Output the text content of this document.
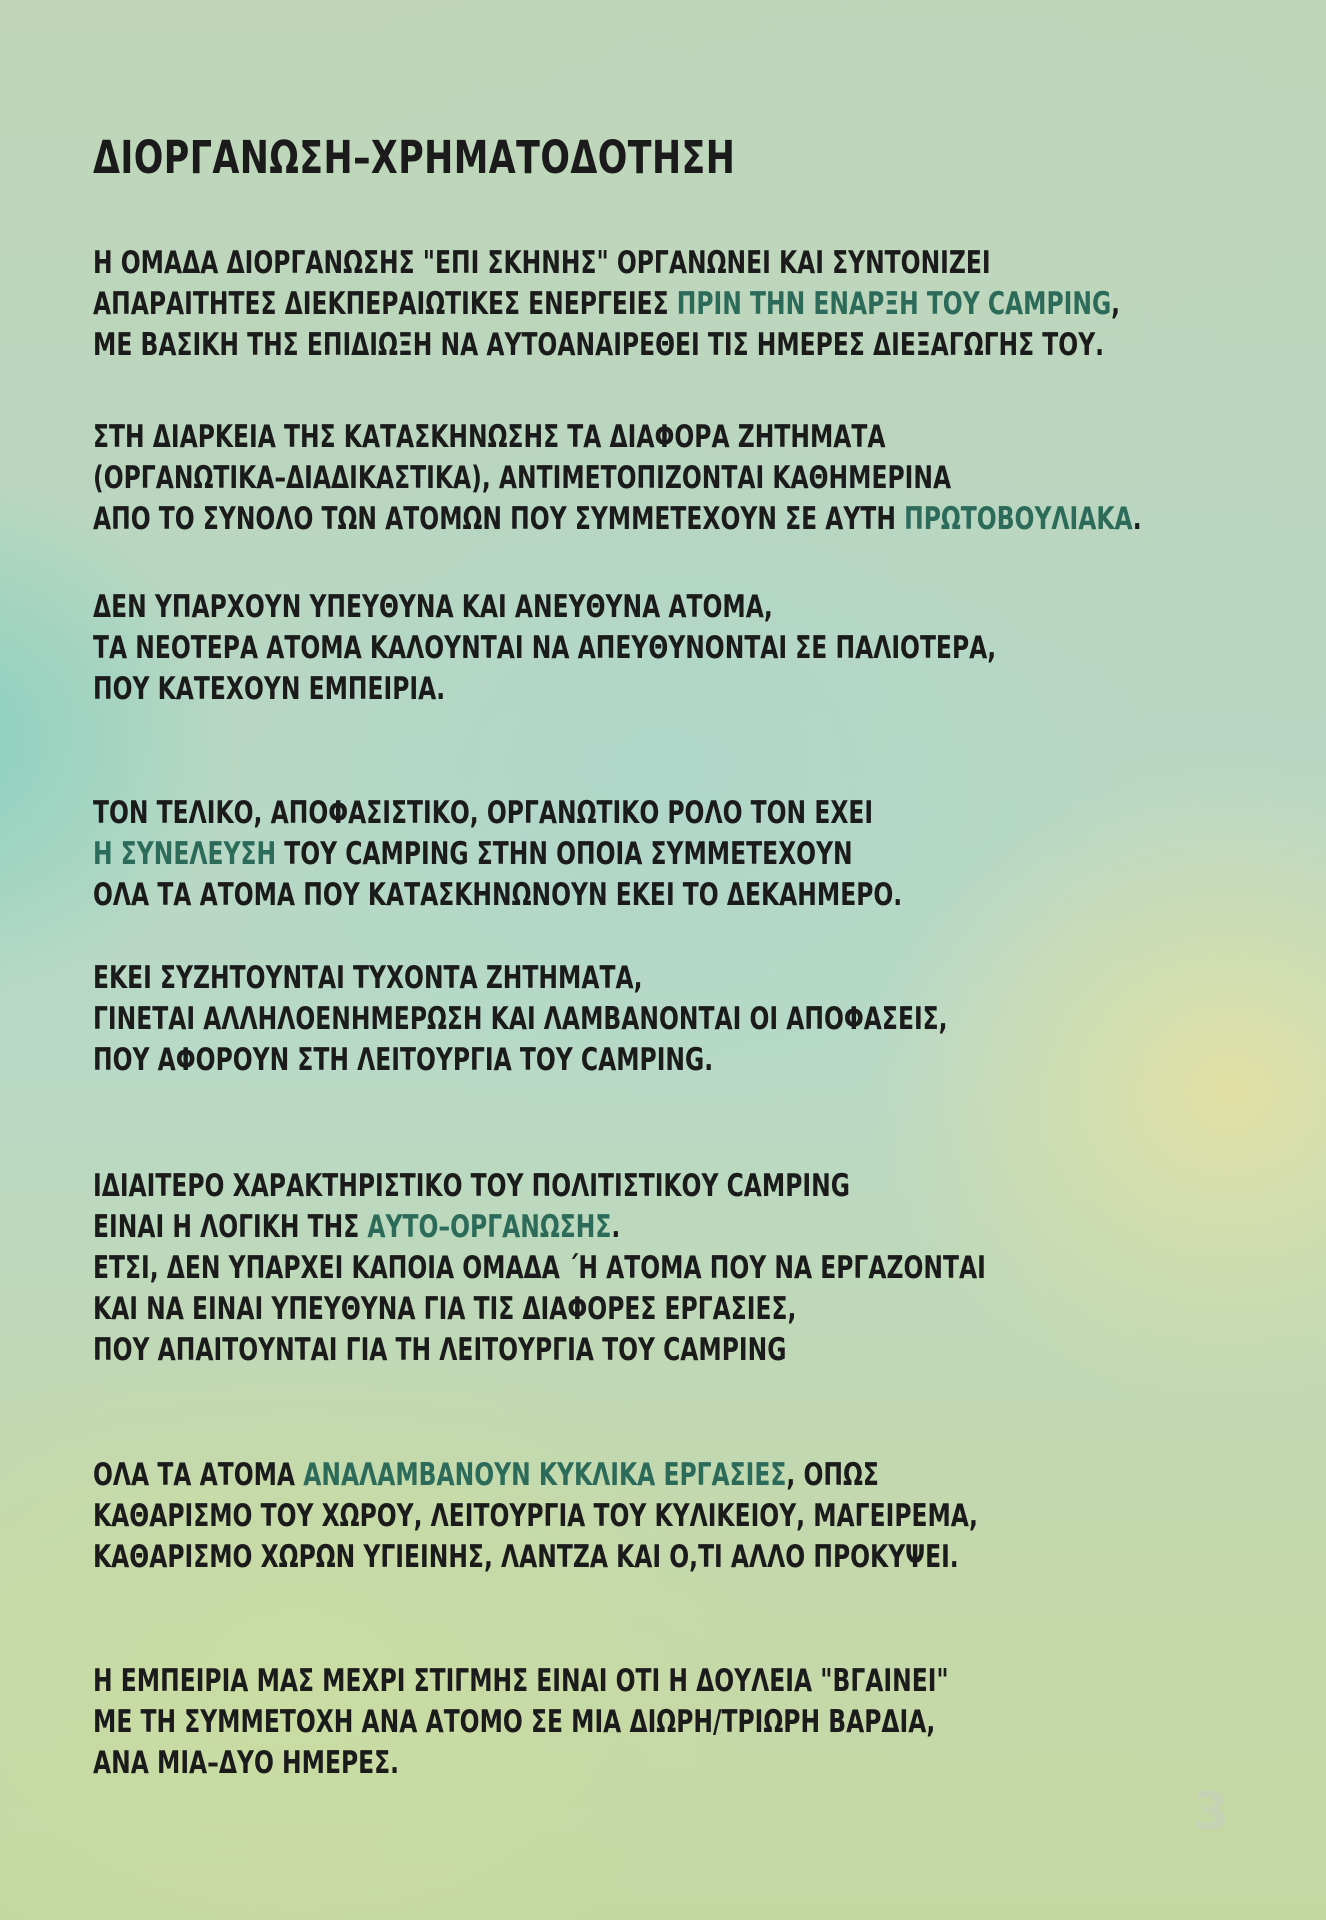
ΔΙΟΡΓΑΝΩΣΗ–ΧΡΗΜΑΤΟΔΟΤΗΣΗ
Η ΟΜΑΔΑ ΔΙΟΡΓΑΝΩΣΗΣ "ΕΠΙ ΣΚΗΝΗΣ" ΟΡΓΑΝΩΝΕΙ ΚΑΙ ΣΥΝΤΟΝΙΖΕΙ
ΑΠΑΡΑΙΤΗΤΕΣ ΔΙΕΚΠΕΡΑΙΩΤΙΚΕΣ ΕΝΕΡΓΕΙΕΣ ΠΡΙΝ ΤΗΝ ΕΝΑΡΞΗ ΤΟΥ CAMPING,
ΜΕ ΒΑΣΙΚΗ ΤΗΣ ΕΠΙΔΙΩΞΗ ΝΑ ΑΥΤΟΑΝΑΙΡΕΘΕΙ ΤΙΣ ΗΜΕΡΕΣ ΔΙΕΞΑΓΩΓΗΣ ΤΟΥ.
ΣΤΗ ΔΙΑΡΚΕΙΑ ΤΗΣ ΚΑΤΑΣΚΗΝΩΣΗΣ ΤΑ ΔΙΑΦΟΡΑ ΖΗΤΗΜΑΤΑ
(ΟΡΓΑΝΩΤΙΚΑ–ΔΙΑΔΙΚΑΣΤΙΚΑ), ΑΝΤΙΜΕΤΟΠΙΖΟΝΤΑΙ ΚΑΘΗΜΕΡΙΝΑ
ΑΠΟ ΤΟ ΣΥΝΟΛΟ ΤΩΝ ΑΤΟΜΩΝ ΠΟΥ ΣΥΜΜΕΤΕΧΟΥΝ ΣΕ ΑΥΤΗ ΠΡΩΤΟΒΟΥΛΙΑΚΑ.
ΔΕΝ ΥΠΑΡΧΟΥΝ ΥΠΕΥΘΥΝΑ ΚΑΙ ΑΝΕΥΘΥΝΑ ΑΤΟΜΑ,
ΤΑ ΝΕΟΤΕΡΑ ΑΤΟΜΑ ΚΑΛΟΥΝΤΑΙ ΝΑ ΑΠΕΥΘΥΝΟΝΤΑΙ ΣΕ ΠΑΛΙΟΤΕΡΑ,
ΠΟΥ ΚΑΤΕΧΟΥΝ ΕΜΠΕΙΡΙΑ.
ΤΟΝ ΤΕΛΙΚΟ, ΑΠΟΦΑΣΙΣΤΙΚΟ, ΟΡΓΑΝΩΤΙΚΟ ΡΟΛΟ ΤΟΝ ΕΧΕΙ
Η ΣΥΝΕΛΕΥΣΗ ΤΟΥ CAMPING ΣΤΗΝ ΟΠΟΙΑ ΣΥΜΜΕΤΕΧΟΥΝ
ΟΛΑ ΤΑ ΑΤΟΜΑ ΠΟΥ ΚΑΤΑΣΚΗΝΩΝΟΥΝ ΕΚΕΙ ΤΟ ΔΕΚΑΗΜΕΡΟ.
ΕΚΕΙ ΣΥΖΗΤΟΥΝΤΑΙ ΤΥΧΟΝΤΑ ΖΗΤΗΜΑΤΑ,
ΓΙΝΕΤΑΙ ΑΛΛΗΛΟΕΝΗΜΕΡΩΣΗ ΚΑΙ ΛΑΜΒΑΝΟΝΤΑΙ ΟΙ ΑΠΟΦΑΣΕΙΣ,
ΠΟΥ ΑΦΟΡΟΥΝ ΣΤΗ ΛΕΙΤΟΥΡΓΙΑ ΤΟΥ CAMPING.
ΙΔΙΑΙΤΕΡΟ ΧΑΡΑΚΤΗΡΙΣΤΙΚΟ ΤΟΥ ΠΟΛΙΤΙΣΤΙΚΟΥ CAMPING
ΕΙΝΑΙ Η ΛΟΓΙΚΗ ΤΗΣ ΑΥΤΟ–ΟΡΓΑΝΩΣΗΣ.
ΕΤΣΙ, ΔΕΝ ΥΠΑΡΧΕΙ ΚΑΠΟΙΑ ΟΜΑΔΑ ΄Η ΑΤΟΜΑ ΠΟΥ ΝΑ ΕΡΓΑΖΟΝΤΑΙ
ΚΑΙ ΝΑ ΕΙΝΑΙ ΥΠΕΥΘΥΝΑ ΓΙΑ ΤΙΣ ΔΙΑΦΟΡΕΣ ΕΡΓΑΣΙΕΣ,
ΠΟΥ ΑΠΑΙΤΟΥΝΤΑΙ ΓΙΑ ΤΗ ΛΕΙΤΟΥΡΓΙΑ ΤΟΥ CAMPING
ΟΛΑ ΤΑ ΑΤΟΜΑ ΑΝΑΛΑΜΒΑΝΟΥΝ ΚΥΚΛΙΚΑ ΕΡΓΑΣΙΕΣ, ΟΠΩΣ
ΚΑΘΑΡΙΣΜΟ ΤΟΥ ΧΩΡΟΥ, ΛΕΙΤΟΥΡΓΙΑ ΤΟΥ ΚΥΛΙΚΕΙΟΥ, ΜΑΓΕΙΡΕΜΑ,
ΚΑΘΑΡΙΣΜΟ ΧΩΡΩΝ ΥΓΙΕΙΝΗΣ, ΛΑΝΤΖΑ ΚΑΙ Ο,ΤΙ ΑΛΛΟ ΠΡΟΚΥΨΕΙ.
Η ΕΜΠΕΙΡΙΑ ΜΑΣ ΜΕΧΡΙ ΣΤΙΓΜΗΣ ΕΙΝΑΙ ΟΤΙ Η ΔΟΥΛΕΙΑ "ΒΓΑΙΝΕΙ"
ΜΕ ΤΗ ΣΥΜΜΕΤΟΧΗ ΑΝΑ ΑΤΟΜΟ ΣΕ ΜΙΑ ΔΙΩΡΗ/ΤΡΙΩΡΗ ΒΑΡΔΙΑ,
ΑΝΑ ΜΙΑ–ΔΥΟ ΗΜΕΡΕΣ.
3
